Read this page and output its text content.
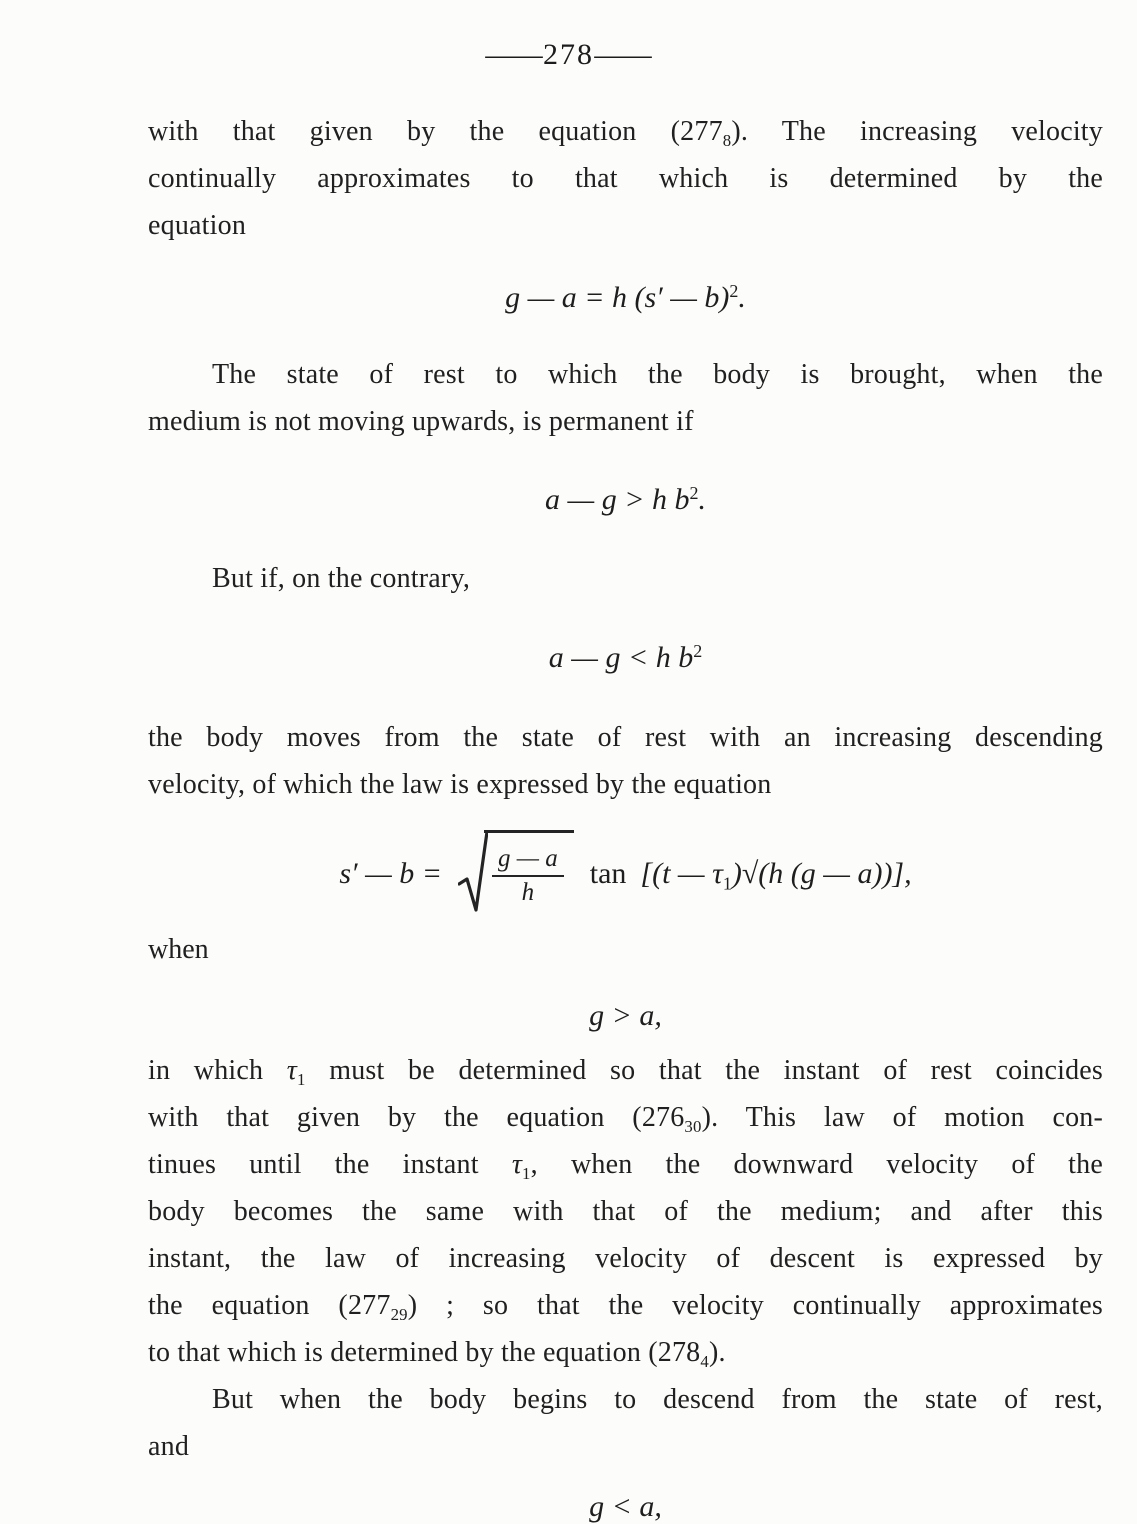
—278—
with that given by the equation $(277_8)$. The increasing velocity
continually approximates to that which is determined by the
equation
g — a = h (s′ — b)$^2$.
The state of rest to which the body is brought, when the
medium is not moving upwards, is permanent if
a — g > h $b^2$.
But if, on the contrary,
a — g < h $b^2$
the body moves from the state of rest with an increasing descending
velocity, of which the law is expressed by the equation
s′ — $b = \frac{g — a}{h}$ tan [(t — $\tau_1)√(h$ (g — a))],
when
g > a,
in which $\tau_1$ must be determined so that the instant of rest coincides
with that given by the equation $(276_{30})$. This law of motion con-
tinues until the instant $\tau_1$, when the downward velocity of the
body becomes the same with that of the medium; and after this
instant, the law of increasing velocity of descent is expressed by
the equation $(277_{29})$ ; so that the velocity continually approximates
to that which is determined by the equation $(278_4)$.
But when the body begins to descend from the state of rest,
and
g < a,
